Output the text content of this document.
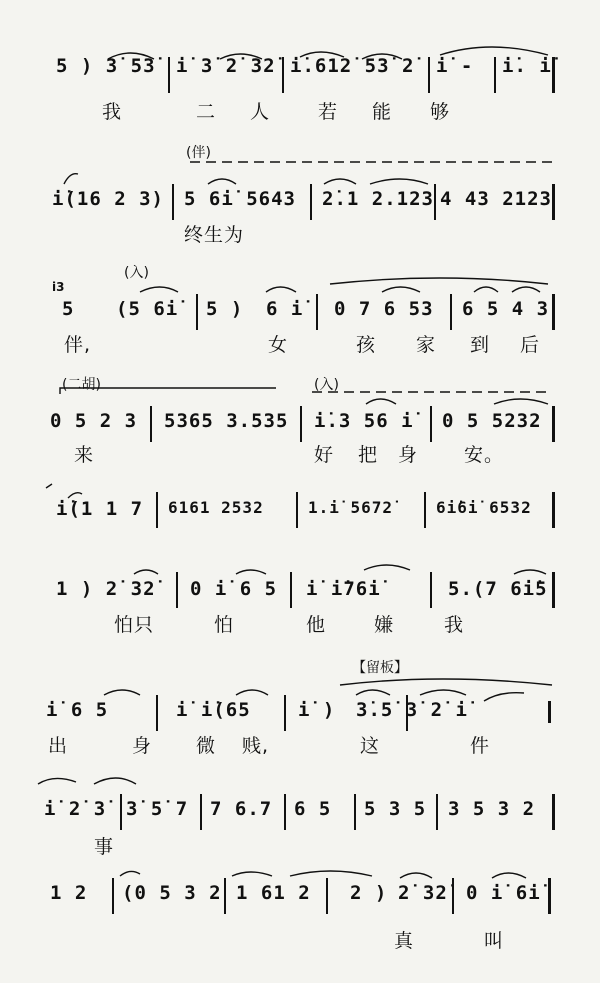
5 ) 3̇ 53̇ i̇ 3̇ 2̇ 32̇ i̇.612̇ 53̇ 2̇ i̇ - i̇. i̇
我	二 人	若 能 够
(伴)
i̇(16 2 3) 5 6i̇ 5643 2̇.1 2.123 4 43 2123
终生为
(入)
i3
5 (5 6i̇ 5 ) 6 i̇ 0 7 6 53 6 5 4 3
伴,	女	孩 家 到 后
(二胡)	(入)
0 5 2 3 5365 3.535 i̇.3 56 i̇ 0 5 5232
来	好 把 身 安。
i̇(1 1 7 6161 2532	1.i̇ 5672̇	6i̇6i̇ 6532
1 ) 2̇ 32̇ 0 i̇ 6 5 i̇ i̇76i̇	5.(7 6i̇5
怕只	怕	他	嫌	我
【留板】
i̇ 6 5	i̇ i̇(65 i̇ ) 3̇.5̇ 3̇ 2̇ i̇
出	身 微 贱,	这	件
i̇ 2̇ 3̇ 3̇ 5̇ 7 7 6.7 6 5 5 3 5 3 5 3 2
事
1 2 (0 5 3 2 1 61 2 2 ) 2̇ 32̇ 0 i̇ 6i̇
真	叫
